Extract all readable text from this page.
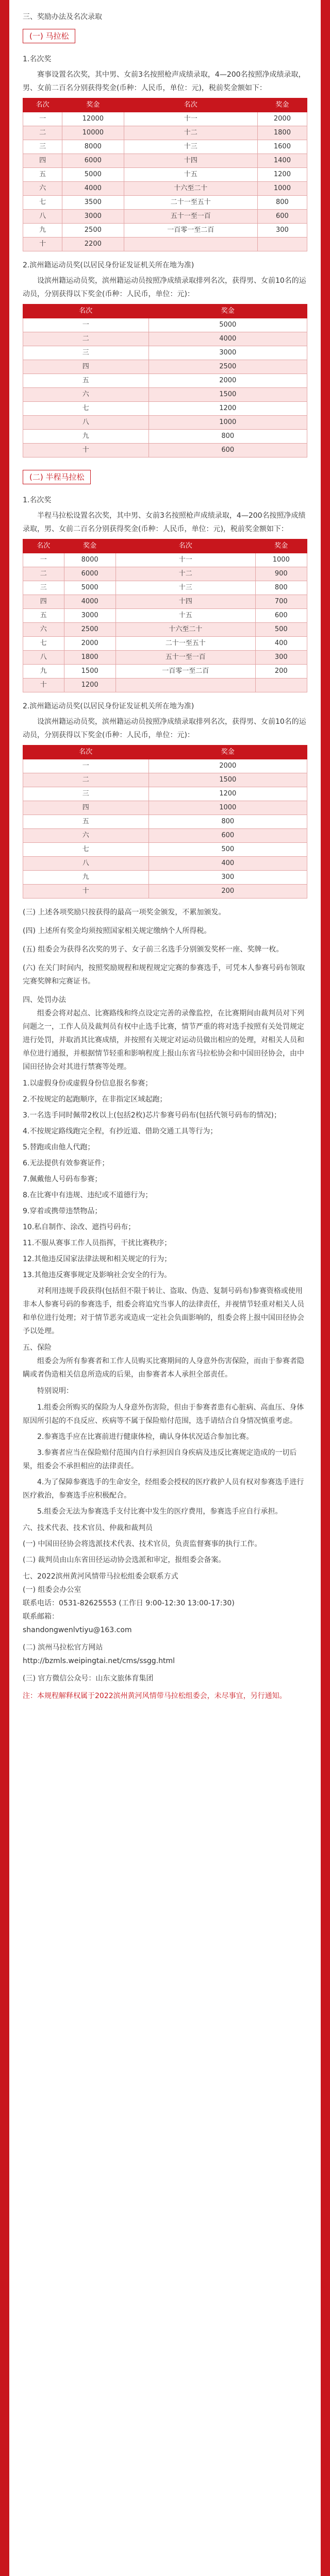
三、奖励办法及名次录取

(一) 马拉松

1.名次奖

赛事设置名次奖，其中男、女前3名按照枪声成绩录取，4—200名按照净成绩录取，男、女前二百名分别获得奖金(币种：人民币，单位：元)，税前奖金额如下：

名次	奖金	名次	奖金
一	12000	十一	2000
二	10000	十二	1800
三	8000	十三	1600
四	6000	十四	1400
五	5000	十五	1200
六	4000	十六至二十	1000
七	3500	二十一至五十	800
八	3000	五十一至一百	600
九	2500	一百零一至二百	300
十	2200		

2.滨州籍运动员奖(以居民身份证发证机关所在地为准)

设滨州籍运动员奖，滨州籍运动员按照净成绩录取排列名次，获得男、女前10名的运动员，分别获得以下奖金(币种：人民币，单位：元)：

名次	奖金
一	5000
二	4000
三	3000
四	2500
五	2000
六	1500
七	1200
八	1000
九	800
十	600
(二) 半程马拉松

1.名次奖

半程马拉松设置名次奖，其中男、女前3名按照枪声成绩录取，4—200名按照净成绩录取，男、女前二百名分别获得奖金(币种：人民币，单位：元)，税前奖金额如下：

名次	奖金	名次	奖金
一	8000	十一	1000
二	6000	十二	900
三	5000	十三	800
四	4000	十四	700
五	3000	十五	600
六	2500	十六至二十	500
七	2000	二十一至五十	400
八	1800	五十一至一百	300
九	1500	一百零一至二百	200
十	1200		

2.滨州籍运动员奖(以居民身份证发证机关所在地为准)

设滨州籍运动员奖，滨州籍运动员按照净成绩录取排列名次，获得男、女前10名的运动员，分别获得以下奖金(币种：人民币，单位：元)：

名次	奖金
一	2000
二	1500
三	1200
四	1000
五	800
六	600
七	500
八	400
九	300
十	200

(三) 上述各项奖励只按获得的最高一项奖金颁发，不累加颁发。

(四) 上述所有奖金均须按照国家相关规定缴纳个人所得税。

(五) 组委会为获得名次奖的男子、女子前三名选手分别颁发奖杯一座、奖牌一枚。

(六) 在关门时间内，按照奖励规程和规程规定完赛的参赛选手，可凭本人参赛号码布领取完赛奖牌和完赛证书。

四、处罚办法

组委会将对起点、比赛路线和终点设定完善的录像监控，在比赛期间由裁判员对下列问题之一，工作人员及裁判员有权中止选手比赛，情节严重的将对选手按照有关处罚规定进行处罚，并取消其比赛成绩，并按照有关规定对运动员做出相应的处理，对相关人员和单位进行通报，并根据情节轻重和影响程度上报山东省马拉松协会和中国田径协会，由中国田径协会对其进行禁赛等处理。

1.以虚假身份或虚假身份信息报名参赛；

2.不按规定的起跑顺序，在非指定区域起跑；

3.一名选手同时佩带2枚以上(包括2枚)芯片参赛号码布(包括代领号码布的情况)；

4.不按规定路线跑完全程，有抄近道、借助交通工具等行为；

5.替跑或由他人代跑；

6.无法提供有效参赛证件；

7.佩戴他人号码布参赛；

8.在比赛中有违规、违纪或不道德行为；

9.穿着或携带违禁物品；

10.私自制作、涂改、遮挡号码布；

11.不服从赛事工作人员指挥，干扰比赛秩序；

12.其他违反国家法律法规和相关规定的行为；

13.其他违反赛事规定及影响社会安全的行为。

对利用违规手段获得(包括但不限于转让、盗取、伪造、复制号码布)参赛资格或使用非本人参赛号码的参赛选手，组委会将追究当事人的法律责任，并视情节轻重对相关人员和单位进行处理；对于情节恶劣或造成一定社会负面影响的，组委会将上报中国田径协会予以处理。

五、保险

组委会为所有参赛者和工作人员购买比赛期间的人身意外伤害保险，而由于参赛者隐瞒或者伪造相关信息所造成的后果，由参赛者本人承担全部责任。

特别说明：

1.组委会所购买的保险为人身意外伤害险，但由于参赛者患有心脏病、高血压、身体原因所引起的不良反应、疾病等不属于保险赔付范围，选手请结合自身情况慎重考虑。

2.参赛选手应在比赛前进行健康体检，确认身体状况适合参加比赛。

3.参赛者应当在保险赔付范围内自行承担因自身疾病及违反比赛规定造成的一切后果，组委会不承担相应的法律责任。

4.为了保障参赛选手的生命安全，经组委会授权的医疗救护人员有权对参赛选手进行医疗救治，参赛选手应积极配合。

5.组委会无法为参赛选手支付比赛中发生的医疗费用，参赛选手应自行承担。

六、技术代表、技术官员、仲裁和裁判员

(一) 中国田径协会将选派技术代表、技术官员，负责监督赛事的执行工作。

(二) 裁判员由山东省田径运动协会选派和审定，报组委会备案。

七、2022滨州黄河风情带马拉松组委会联系方式

(一) 组委会办公室

联系电话：0531-82625553 (工作日 9:00-12:30 13:00-17:30)

联系邮箱：

shandongwenlvtiyu@163.com

(二) 滨州马拉松官方网站

http://bzmls.weipingtai.net/cms/ssgg.html

(三) 官方微信公众号：山东文旅体育集团

注：本规程解释权属于2022滨州黄河风情带马拉松组委会，未尽事宜，另行通知。
